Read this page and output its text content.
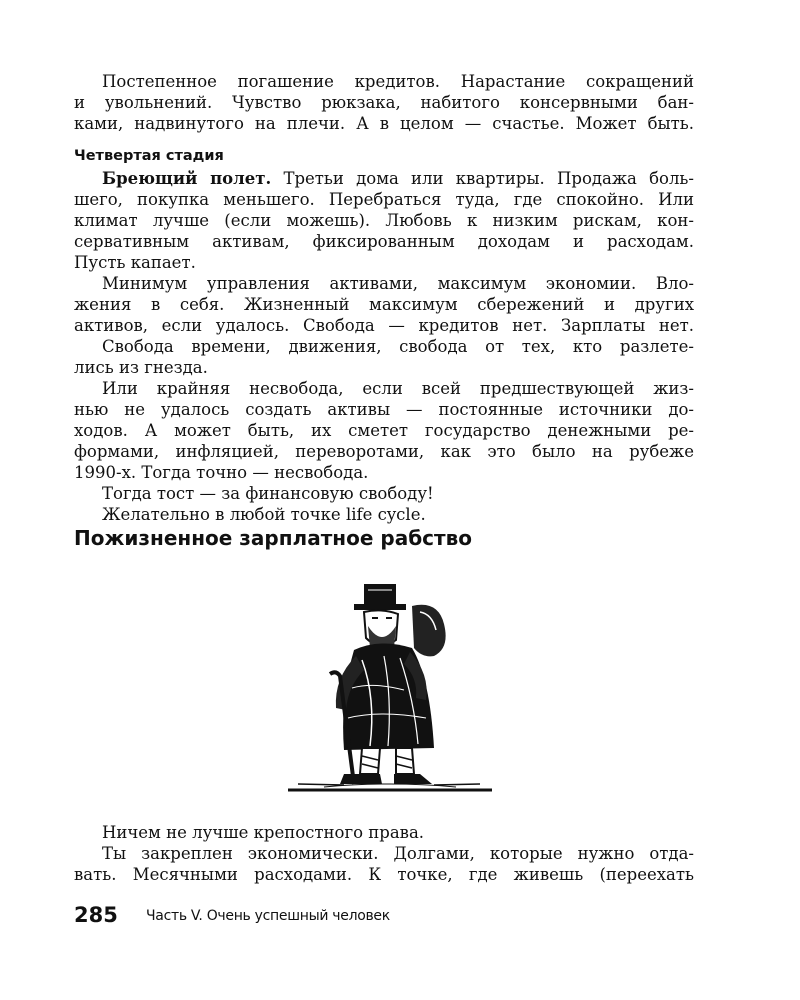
Постепенное погашение кредитов. Нарастание сокращений
и увольнений. Чувство рюкзака, набитого консервными бан-
ками, надвинутого на плечи. А в целом — счастье. Может быть.
Четвертая стадия
Бреющий полет. Третьи дома или квартиры. Продажа боль-
шего, покупка меньшего. Перебраться туда, где спокойно. Или
климат лучше (если можешь). Любовь к низким рискам, кон-
сервативным активам, фиксированным доходам и расходам.
Пусть капает.
Минимум управления активами, максимум экономии. Вло-
жения в себя. Жизненный максимум сбережений и других
активов, если удалось. Свобода — кредитов нет. Зарплаты нет.
Свобода времени, движения, свобода от тех, кто разлете-
лись из гнезда.
Или крайняя несвобода, если всей предшествующей жиз-
нью не удалось создать активы — постоянные источники до-
ходов. А может быть, их сметет государство денежными ре-
формами, инфляцией, переворотами, как это было на рубеже
1990-х. Тогда точно — несвобода.
Тогда тост — за финансовую свободу!
Желательно в любой точке life cycle.
Пожизненное зарплатное рабство
Ничем не лучше крепостного права.
Ты закреплен экономически. Долгами, которые нужно отда-
вать. Месячными расходами. К точке, где живешь (переехать
285 Часть V. Очень успешный человек
